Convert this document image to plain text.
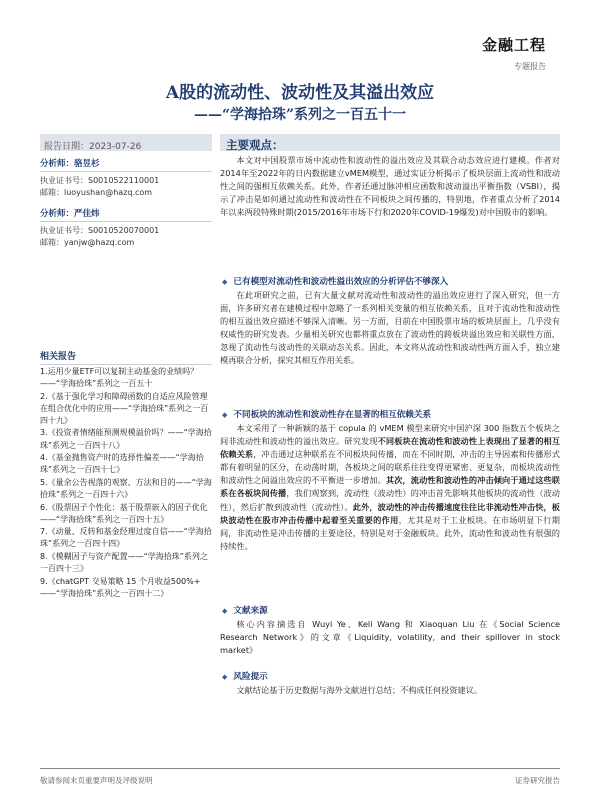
金融工程
专题报告
A股的流动性、波动性及其溢出效应
——“学海拾珠”系列之一百五十一
报告日期：2023-07-26	主要观点：
分析师：骆昱杉
执业证书号：S0010522110001
邮箱：luoyushan@hazq.com
分析师：严佳炜
执业证书号：S0010520070001
邮箱：yanjw@hazq.com
相关报告
1.运用少量ETF可以复制主动基金的业绩吗？——“学海拾珠”系列之一百五十
2.《基于强化学习和障碍函数的自适应风险管理在组合优化中的应用——“学海拾珠”系列之一百四十九》
3.《投资者情绪能预测规模溢价吗？——“学海拾珠”系列之一百四十八》
4.《基金抛售资产时的选择性偏差——“学海拾珠”系列之一百四十七》
5.《量余公告视落的观察、方法和目的——“学海拾珠”系列之一百四十六》
6.《股票因子个性化：基于股票嵌入的因子优化——“学海拾珠”系列之一百四十五》
7.《动量、反转和基金经理过度自信——“学海拾珠”系列之一百四十四》
8.《模糊因子与资产配置——“学海拾珠”系列之一百四十三》
9.《chatGPT 交易策略 15 个月收益500%+——“学海拾珠”系列之一百四十二》

本文对中国股票市场中流动性和波动性的溢出效应及其联合动态效应进行建模。作者对2014年至2022年的日内数据建立vMEM模型，通过实证分析揭示了板块层面上流动性和波动性之间的强相互依赖关系。此外，作者还通过脉冲相应函数和波动溢出平衡指数（VSBI），揭示了冲击是如何通过流动性和波动性在不同板块之间传播的，特别地，作者重点分析了2014年以来两段特殊时期(2015/2016年市场下行和2020年COVID-19爆发)对中国股市的影响。

◆ 已有模型对流动性和波动性溢出效应的分析评估不够深入

在此项研究之前，已有大量文献对流动性和波动性的溢出效应进行了深入研究，但一方面，许多研究者在建模过程中忽略了一系列相关变量的相互依赖关系，且对于流动性和波动性的相互溢出效应描述不够深入清晰。另一方面，目前在中国股票市场的板块层面上，几乎没有权威性的研究发表。少量相关研究也都将重点放在了波动性的跨板块溢出效应和关联性方面，忽视了流动性与波动性的关联动态关系。因此，本文将从流动性和波动性两方面入手，独立建模再联合分析，探究其相互作用关系。

◆ 不同板块的流动性和波动性存在显著的相互依赖关系

本文采用了一种新颖的基于 copula 的 vMEM 模型来研究中国沪深 300 指数五个板块之间非流动性和波动性的溢出效应。研究发现不同板块在流动性和波动性上表现出了显著的相互依赖关系，冲击通过这种联系在不同板块间传播，而在不同时期，冲击的主导因素和传播形式都有着明显的区分，在动荡时期，各板块之间的联系往往变得更紧密、更复杂，而板块流动性和波动性之间溢出效应的不平衡进一步增加。其次，流动性和波动性的冲击倾向于通过这些联系在各板块间传播，我们观察到，流动性（波动性）的冲击首先影响其他板块的流动性（波动性），然后扩散到波动性（流动性）。此外，波动性的冲击传播速度往往比非流动性冲击快，板块波动性在股市冲击传播中起着至关重要的作用，尤其是对于工业板块。在市场明显下行期间，非流动性是冲击传播的主要途径，特别是对于金融板块。此外，流动性和波动性有很强的持续性。

◆ 文献来源

核心内容摘选自 Wuyi Ye、Keli Wang 和 Xiaoquan Liu 在《Social Science Research Network》的文章《Liquidity, volatility, and their spillover in stock market》

◆ 风险提示

文献结论基于历史数据与海外文献进行总结；不构成任何投资建议。

敬请参阅末页重要声明及评级说明	证券研究报告
